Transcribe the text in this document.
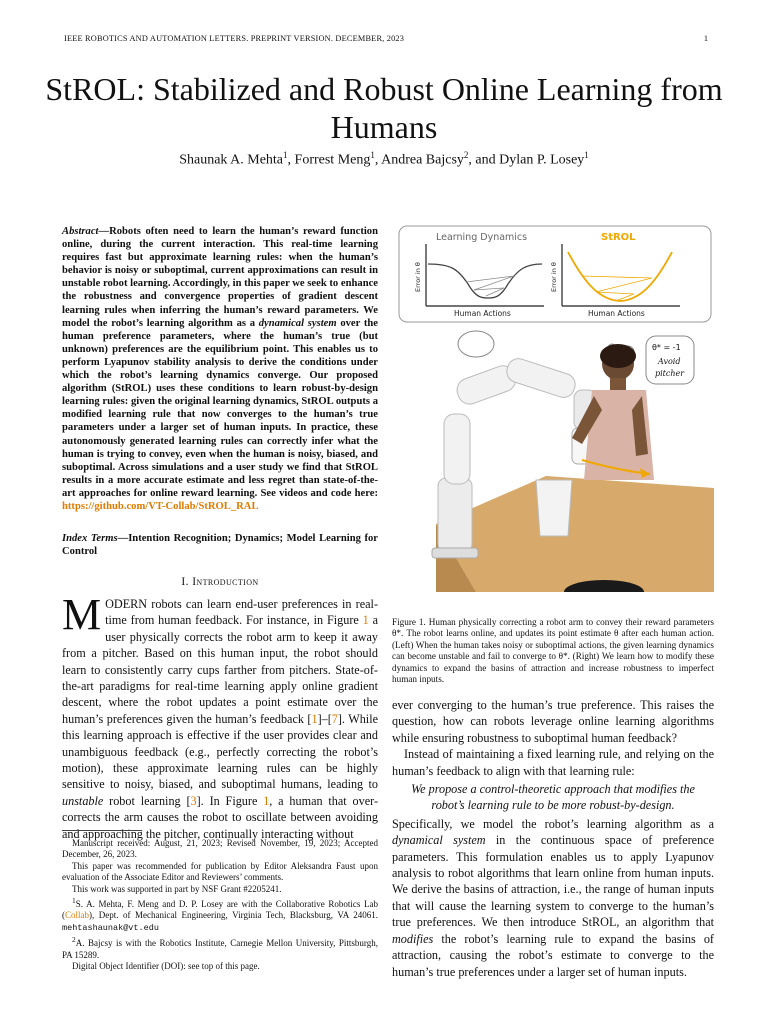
IEEE ROBOTICS AND AUTOMATION LETTERS. PREPRINT VERSION. DECEMBER, 2023	1
StROL: Stabilized and Robust Online Learning from Humans
Shaunak A. Mehta$^1$, Forrest Meng$^1$, Andrea Bajcsy$^2$, and Dylan P. Losey$^1$
Abstract—Robots often need to learn the human’s reward function online, during the current interaction. This real-time learning requires fast but approximate learning rules: when the human’s behavior is noisy or suboptimal, current approximations can result in unstable robot learning. Accordingly, in this paper we seek to enhance the robustness and convergence properties of gradient descent learning rules when inferring the human’s reward parameters. We model the robot’s learning algorithm as a dynamical system over the human preference parameters, where the human’s true (but unknown) preferences are the equilibrium point. This enables us to perform Lyapunov stability analysis to derive the conditions under which the robot’s learning dynamics converge. Our proposed algorithm (StROL) uses these conditions to learn robust-by-design learning rules: given the original learning dynamics, StROL outputs a modified learning rule that now converges to the human’s true parameters under a larger set of human inputs. In practice, these autonomously generated learning rules can correctly infer what the human is trying to convey, even when the human is noisy, biased, and suboptimal. Across simulations and a user study we find that StROL results in a more accurate estimate and less regret than state-of-the-art approaches for online reward learning. See videos and code here: https://github.com/VT-Collab/StROL_RAL
Index Terms—Intention Recognition; Dynamics; Model Learning for Control
I. Introduction
MODERN robots can learn end-user preferences in real-time from human feedback. For instance, in Figure 1 a user physically corrects the robot arm to keep it away from a pitcher. Based on this human input, the robot should learn to consistently carry cups farther from pitchers. State-of-the-art paradigms for real-time learning apply online gradient descent, where the robot updates a point estimate over the human’s preferences given the human’s feedback [1]–[7]. While this learning approach is effective if the user provides clear and unambiguous feedback (e.g., perfectly correcting the robot’s motion), these approximate learning rules can be highly sensitive to noisy, biased, and suboptimal humans, leading to unstable robot learning [3]. In Figure 1, a human that over-corrects the arm causes the robot to oscillate between avoiding and approaching the pitcher, continually interacting without

Manuscript received: August, 21, 2023; Revised November, 19, 2023; Accepted December, 26, 2023.

This paper was recommended for publication by Editor Aleksandra Faust upon evaluation of the Associate Editor and Reviewers’ comments.

This work was supported in part by NSF Grant #2205241.

$^1$S. A. Mehta, F. Meng and D. P. Losey are with the Collaborative Robotics Lab (Collab), Dept. of Mechanical Engineering, Virginia Tech, Blacksburg, VA 24061. mehtashaunak@vt.edu

$^2$A. Bajcsy is with the Robotics Institute, Carnegie Mellon University, Pittsburgh, PA 15289.

Digital Object Identifier (DOI): see top of this page.

Learning Dynamics
Human Actions
Error in θ
StROL
Human Actions
Error in θ
θ* = -1
Avoid
pitcher
Figure 1. Human physically correcting a robot arm to convey their reward parameters θ*. The robot learns online, and updates its point estimate θ after each human action. (Left) When the human takes noisy or suboptimal actions, the given learning dynamics can become unstable and fail to converge to θ*. (Right) We learn how to modify these dynamics to expand the basins of attraction and increase robustness to imperfect human inputs.

ever converging to the human’s true preference. This raises the question, how can robots leverage online learning algorithms while ensuring robustness to suboptimal human feedback?

Instead of maintaining a fixed learning rule, and relying on the human’s feedback to align with that learning rule:

We propose a control-theoretic approach that modifies the robot’s learning rule to be more robust-by-design.

Specifically, we model the robot’s learning algorithm as a dynamical system in the continuous space of preference parameters. This formulation enables us to apply Lyapunov analysis to robot algorithms that learn online from human inputs. We derive the basins of attraction, i.e., the range of human inputs that will cause the learning system to converge to the human’s true preferences. We then introduce StROL, an algorithm that modifies the robot’s learning rule to expand the basins of attraction, causing the robot’s estimate to converge to the human’s true preferences under a larger set of human inputs.
